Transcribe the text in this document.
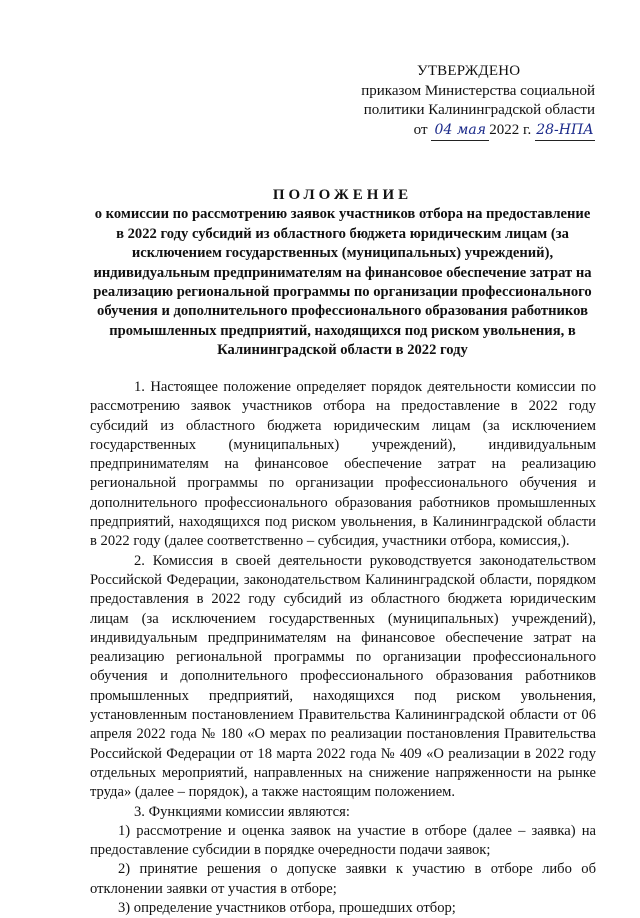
УТВЕРЖДЕНО
приказом Министерства социальной
политики Калининградской области
от 04 мая 2022 г. 28-НПА
ПОЛОЖЕНИЕ
о комиссии по рассмотрению заявок участников отбора на предоставление в 2022 году субсидий из областного бюджета юридическим лицам (за исключением государственных (муниципальных) учреждений), индивидуальным предпринимателям на финансовое обеспечение затрат на реализацию региональной программы по организации профессионального обучения и дополнительного профессионального образования работников промышленных предприятий, находящихся под риском увольнения, в Калининградской области в 2022 году

1. Настоящее положение определяет порядок деятельности комиссии по рассмотрению заявок участников отбора на предоставление в 2022 году субсидий из областного бюджета юридическим лицам (за исключением государственных (муниципальных) учреждений), индивидуальным предпринимателям на финансовое обеспечение затрат на реализацию региональной программы по организации профессионального обучения и дополнительного профессионального образования работников промышленных предприятий, находящихся под риском увольнения, в Калининградской области в 2022 году (далее соответственно – субсидия, участники отбора, комиссия,).

2. Комиссия в своей деятельности руководствуется законодательством Российской Федерации, законодательством Калининградской области, порядком предоставления в 2022 году субсидий из областного бюджета юридическим лицам (за исключением государственных (муниципальных) учреждений), индивидуальным предпринимателям на финансовое обеспечение затрат на реализацию региональной программы по организации профессионального обучения и дополнительного профессионального образования работников промышленных предприятий, находящихся под риском увольнения, установленным постановлением Правительства Калининградской области от 06 апреля 2022 года № 180 «О мерах по реализации постановления Правительства Российской Федерации от 18 марта 2022 года № 409 «О реализации в 2022 году отдельных мероприятий, направленных на снижение напряженности на рынке труда» (далее – порядок), а также настоящим положением.

3. Функциями комиссии являются:

1) рассмотрение и оценка заявок на участие в отборе (далее – заявка) на предоставление субсидии в порядке очередности подачи заявок;

2) принятие решения о допуске заявки к участию в отборе либо об отклонении заявки от участия в отборе;

3) определение участников отбора, прошедших отбор;
